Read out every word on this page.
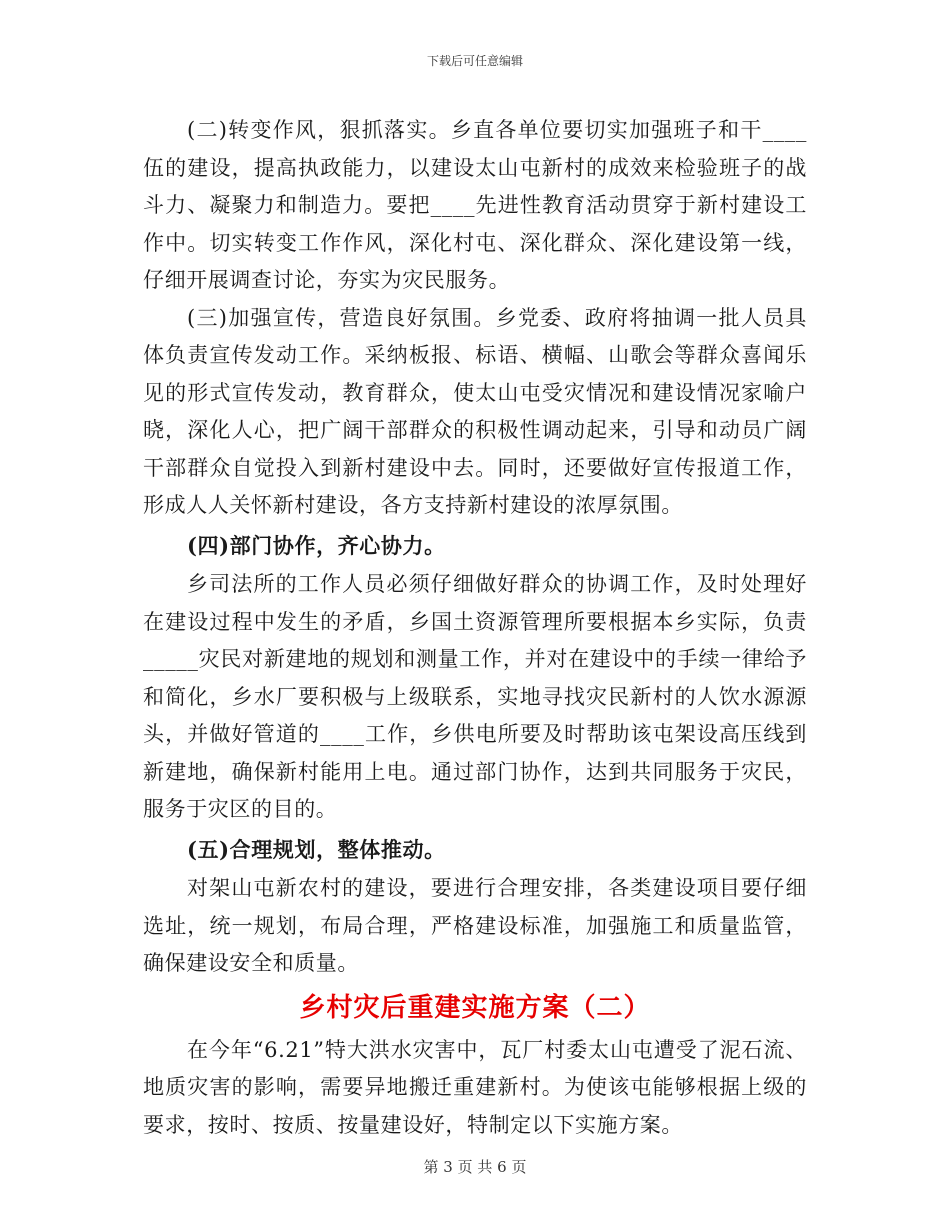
下载后可任意编辑

(二)转变作风，狠抓落实。乡直各单位要切实加强班子和干____伍的建设，提高执政能力，以建设太山屯新村的成效来检验班子的战斗力、凝聚力和制造力。要把____先进性教育活动贯穿于新村建设工作中。切实转变工作作风，深化村屯、深化群众、深化建设第一线，仔细开展调查讨论，夯实为灾民服务。

(三)加强宣传，营造良好氛围。乡党委、政府将抽调一批人员具体负责宣传发动工作。采纳板报、标语、横幅、山歌会等群众喜闻乐见的形式宣传发动，教育群众，使太山屯受灾情况和建设情况家喻户晓，深化人心，把广阔干部群众的积极性调动起来，引导和动员广阔干部群众自觉投入到新村建设中去。同时，还要做好宣传报道工作，形成人人关怀新村建设，各方支持新村建设的浓厚氛围。

(四)部门协作，齐心协力。

乡司法所的工作人员必须仔细做好群众的协调工作，及时处理好在建设过程中发生的矛盾，乡国土资源管理所要根据本乡实际，负责_____灾民对新建地的规划和测量工作，并对在建设中的手续一律给予和简化，乡水厂要积极与上级联系，实地寻找灾民新村的人饮水源源头，并做好管道的____工作，乡供电所要及时帮助该屯架设高压线到新建地，确保新村能用上电。通过部门协作，达到共同服务于灾民，服务于灾区的目的。

(五)合理规划，整体推动。

对架山屯新农村的建设，要进行合理安排，各类建设项目要仔细选址，统一规划，布局合理，严格建设标准，加强施工和质量监管，确保建设安全和质量。

乡村灾后重建实施方案（二）

在今年“6.21”特大洪水灾害中，瓦厂村委太山屯遭受了泥石流、地质灾害的影响，需要异地搬迁重建新村。为使该屯能够根据上级的要求，按时、按质、按量建设好，特制定以下实施方案。

第 3 页 共 6 页
